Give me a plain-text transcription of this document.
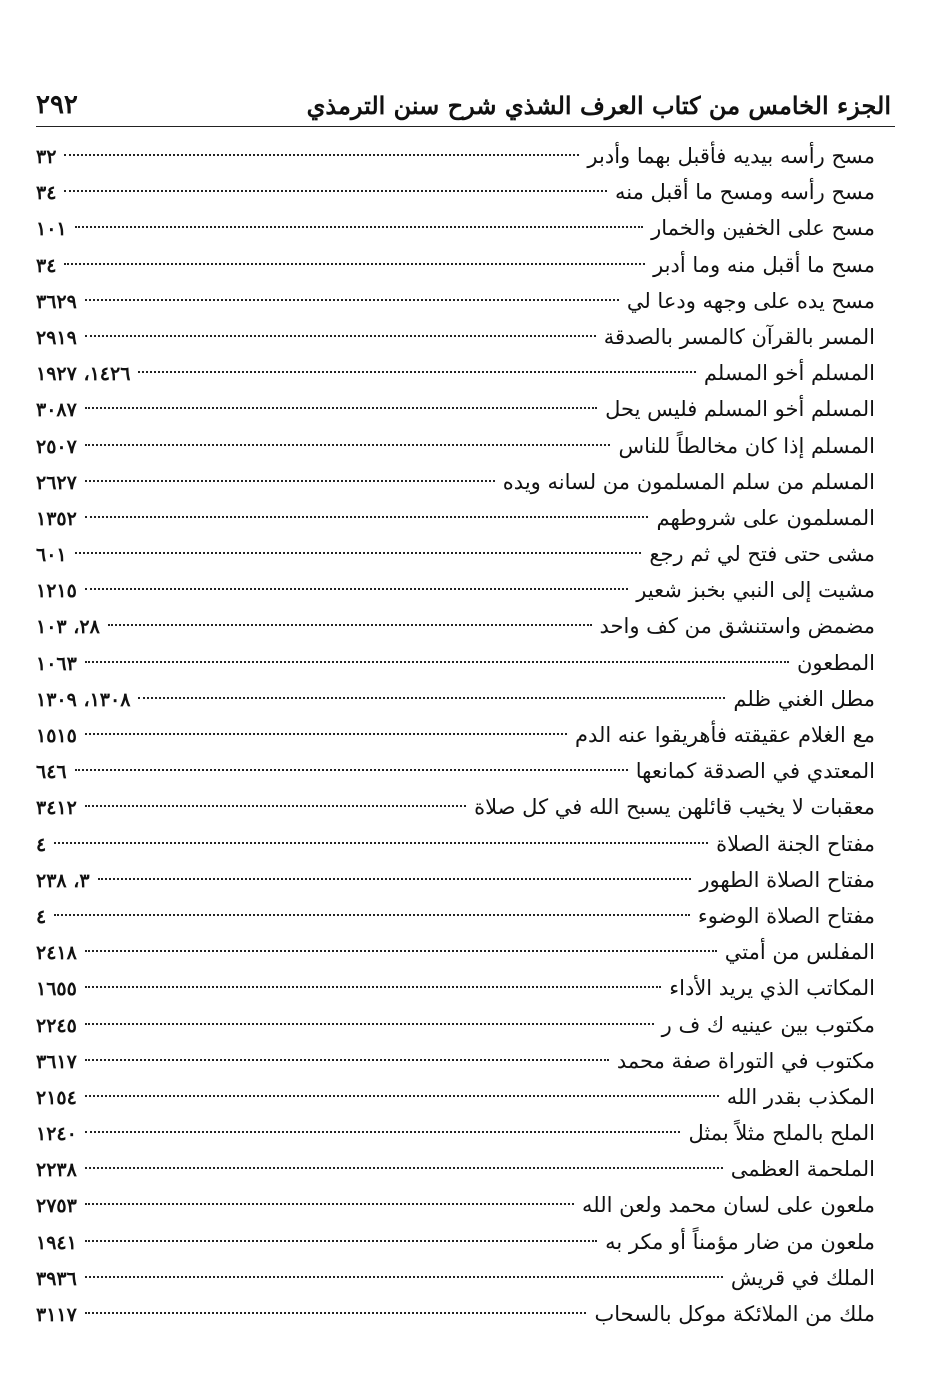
الجزء الخامس من كتاب العرف الشذي شرح سنن الترمذي
٢٩٢
مسح رأسه بيديه فأقبل بهما وأدبر
٣٢
مسح رأسه ومسح ما أقبل منه
٣٤
مسح على الخفين والخمار
١٠١
مسح ما أقبل منه وما أدبر
٣٤
مسح يده على وجهه ودعا لي
٣٦٢٩
المسر بالقرآن كالمسر بالصدقة
٢٩١٩
المسلم أخو المسلم
١٤٢٦، ١٩٢٧
المسلم أخو المسلم فليس يحل
٣٠٨٧
المسلم إذا كان مخالطاً للناس
٢٥٠٧
المسلم من سلم المسلمون من لسانه ويده
٢٦٢٧
المسلمون على شروطهم
١٣٥٢
مشى حتى فتح لي ثم رجع
٦٠١
مشيت إلى النبي بخبز شعير
١٢١٥
مضمض واستنشق من كف واحد
٢٨، ١٠٣
المطعون
١٠٦٣
مطل الغني ظلم
١٣٠٨، ١٣٠٩
مع الغلام عقيقته فأهريقوا عنه الدم
١٥١٥
المعتدي في الصدقة كمانعها
٦٤٦
معقبات لا يخيب قائلهن يسبح الله في كل صلاة
٣٤١٢
مفتاح الجنة الصلاة
٤
مفتاح الصلاة الطهور
٣، ٢٣٨
مفتاح الصلاة الوضوء
٤
المفلس من أمتي
٢٤١٨
المكاتب الذي يريد الأداء
١٦٥٥
مكتوب بين عينيه ك ف ر
٢٢٤٥
مكتوب في التوراة صفة محمد
٣٦١٧
المكذب بقدر الله
٢١٥٤
الملح بالملح مثلاً بمثل
١٢٤٠
الملحمة العظمى
٢٢٣٨
ملعون على لسان محمد ولعن الله
٢٧٥٣
ملعون من ضار مؤمناً أو مكر به
١٩٤١
الملك في قريش
٣٩٣٦
ملك من الملائكة موكل بالسحاب
٣١١٧
